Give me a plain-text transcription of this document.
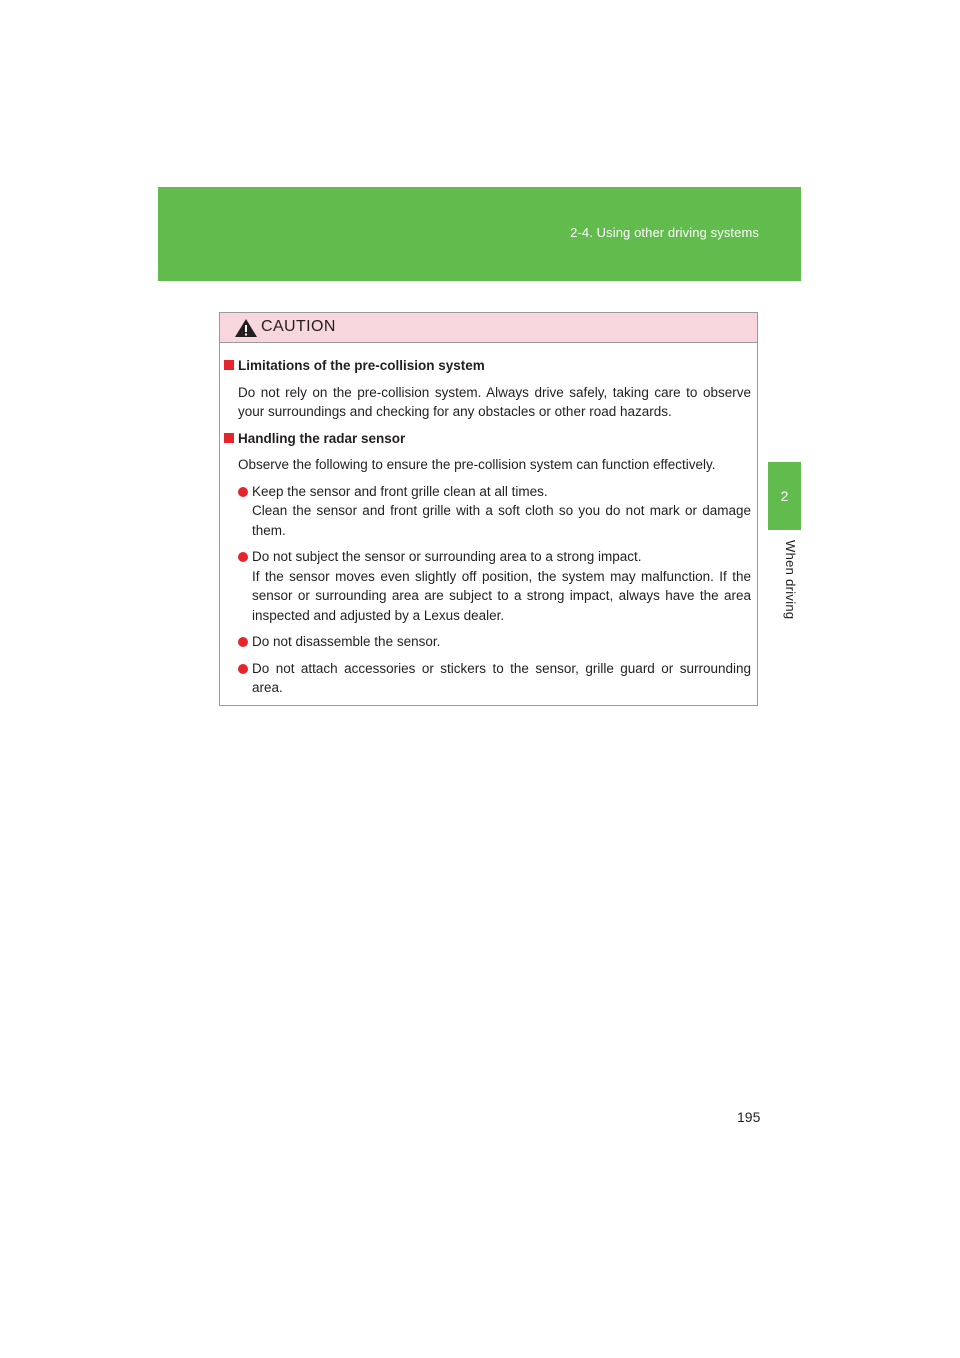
2-4. Using other driving systems
2
When driving
CAUTION
Limitations of the pre-collision system
Do not rely on the pre-collision system. Always drive safely, taking care to observe your surroundings and checking for any obstacles or other road hazards.
Handling the radar sensor
Observe the following to ensure the pre-collision system can function effectively.
Keep the sensor and front grille clean at all times.
Clean the sensor and front grille with a soft cloth so you do not mark or damage them.
Do not subject the sensor or surrounding area to a strong impact.
If the sensor moves even slightly off position, the system may malfunction. If the sensor or surrounding area are subject to a strong impact, always have the area inspected and adjusted by a Lexus dealer.
Do not disassemble the sensor.
Do not attach accessories or stickers to the sensor, grille guard or surrounding area.
195
